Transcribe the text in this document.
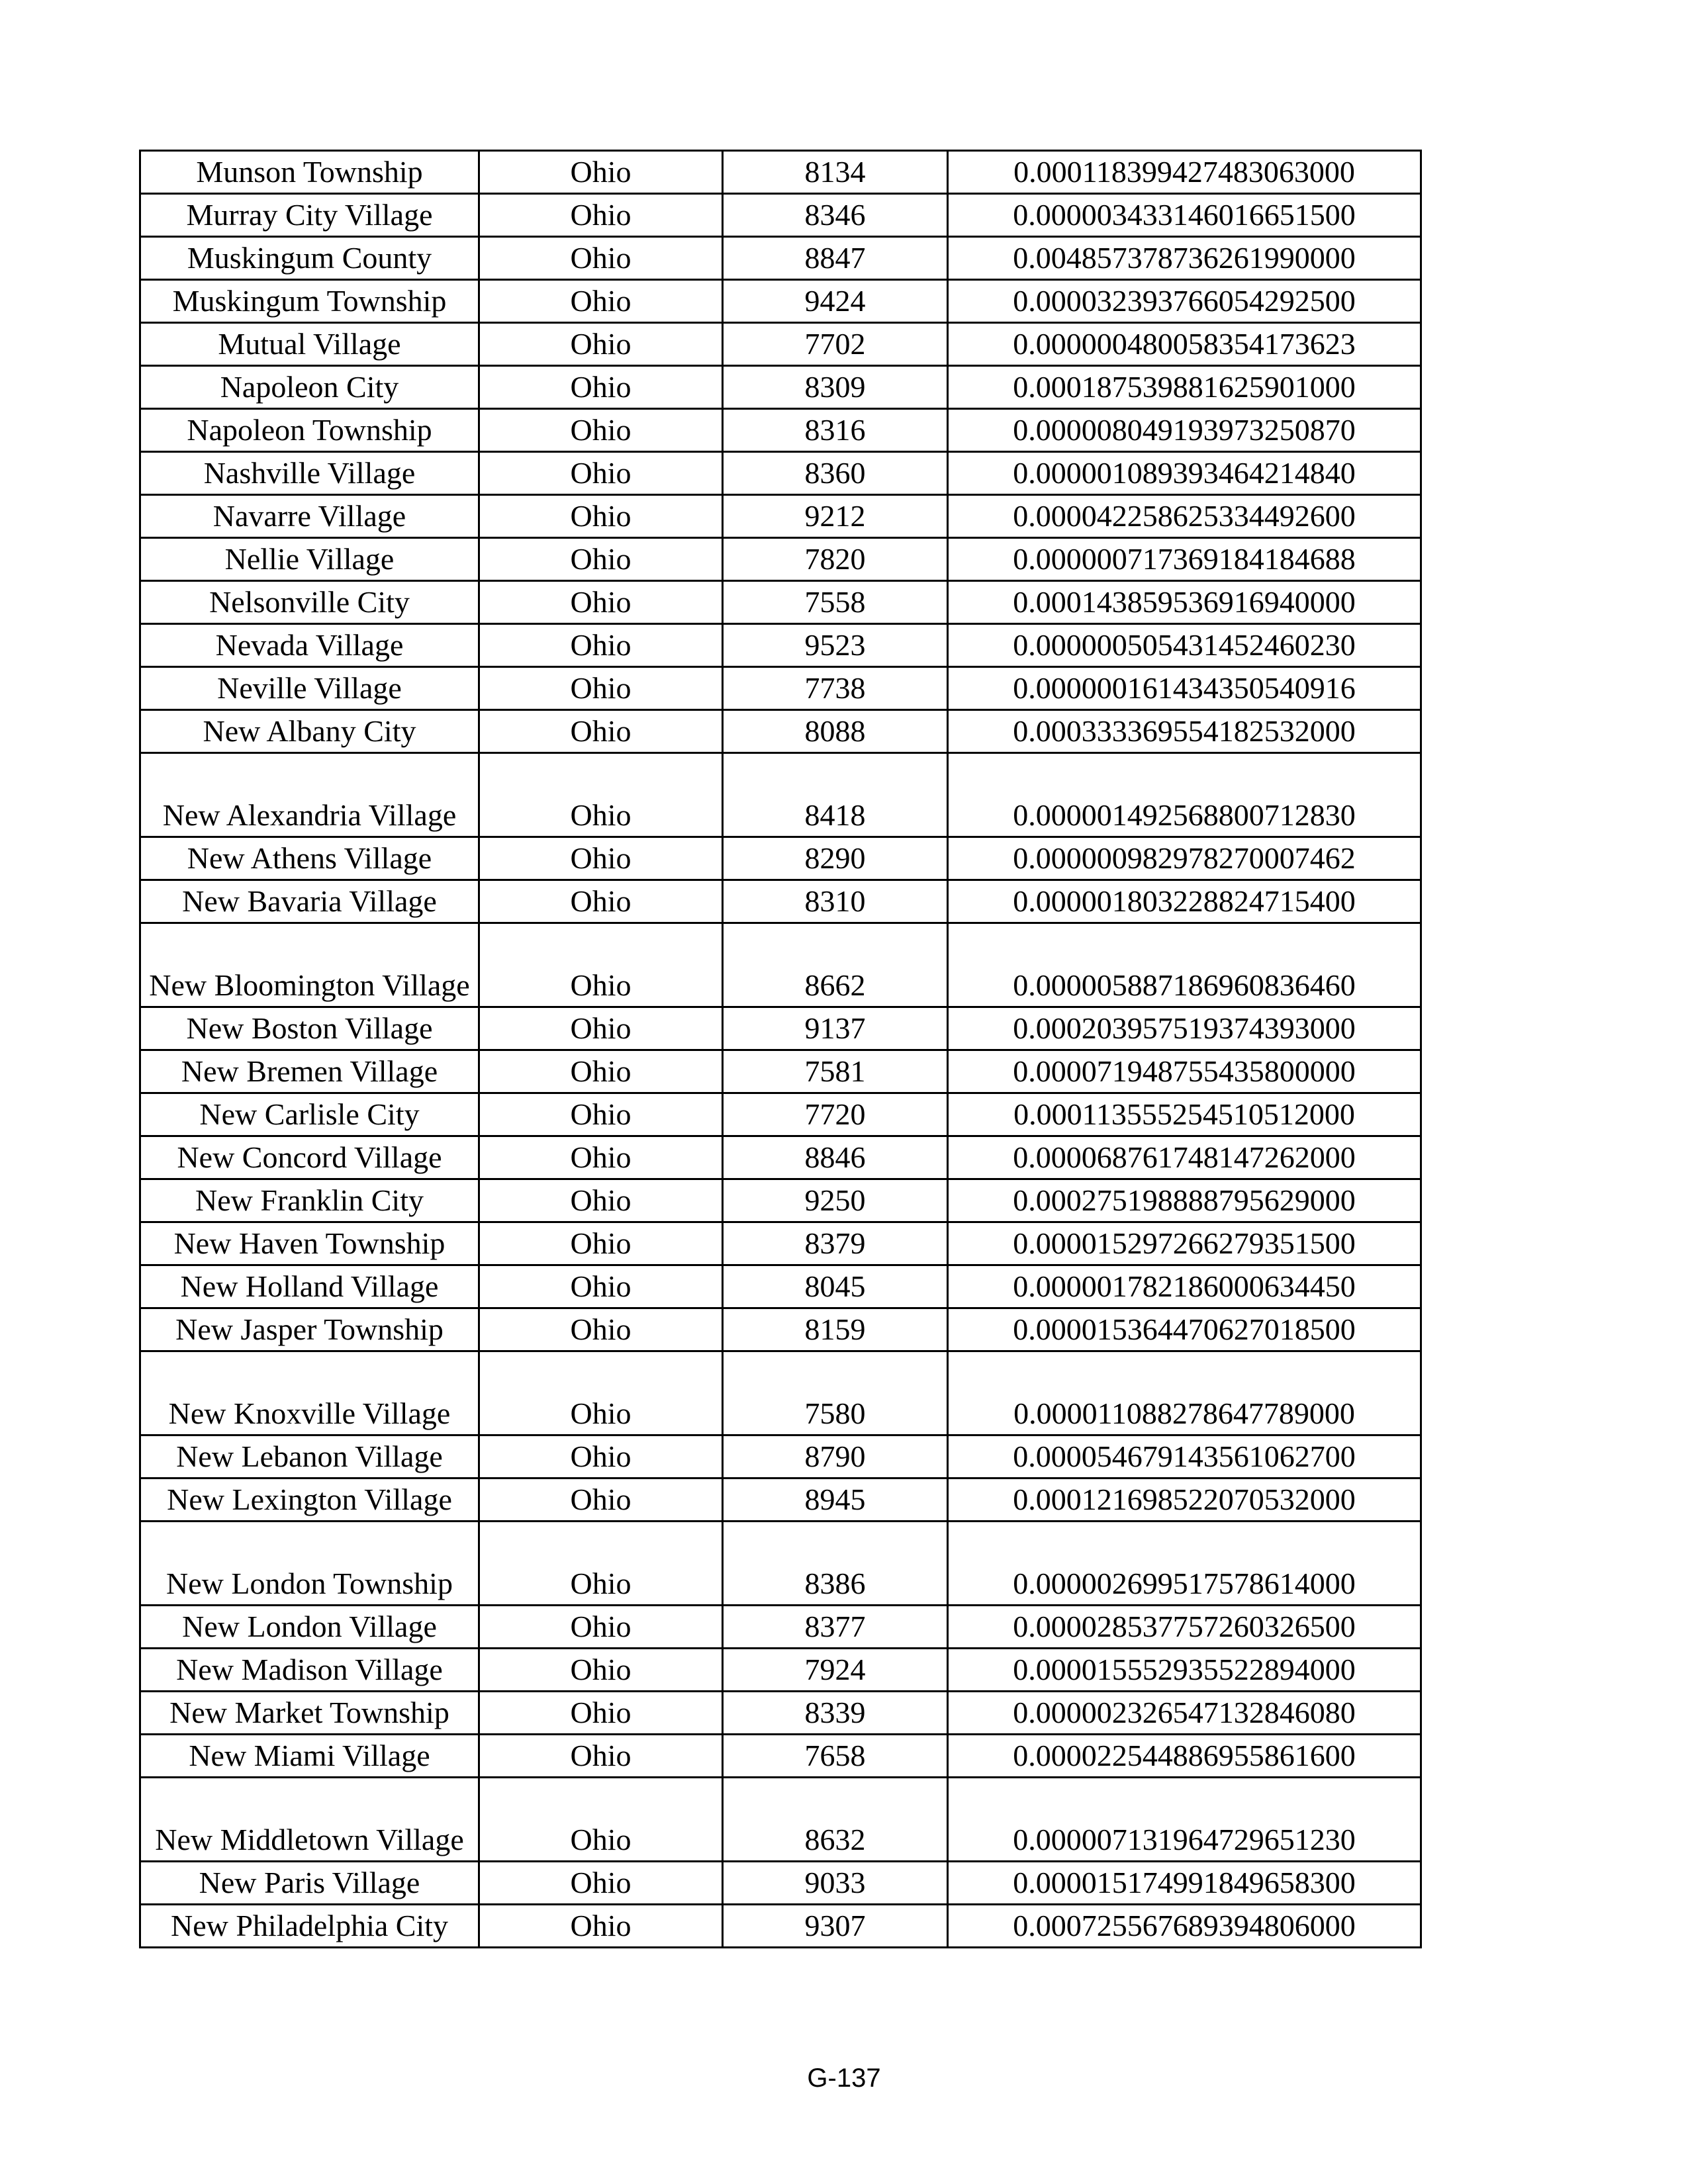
Munson Township	Ohio	8134	0.000118399427483063000
Murray City Village	Ohio	8346	0.000003433146016651500
Muskingum County	Ohio	8847	0.004857378736261990000
Muskingum Township	Ohio	9424	0.000032393766054292500
Mutual Village	Ohio	7702	0.000000480058354173623
Napoleon City	Ohio	8309	0.000187539881625901000
Napoleon Township	Ohio	8316	0.000008049193973250870
Nashville Village	Ohio	8360	0.000001089393464214840
Navarre Village	Ohio	9212	0.000042258625334492600
Nellie Village	Ohio	7820	0.000000717369184184688
Nelsonville City	Ohio	7558	0.000143859536916940000
Nevada Village	Ohio	9523	0.000000505431452460230
Neville Village	Ohio	7738	0.000000161434350540916
New Albany City	Ohio	8088	0.000333369554182532000
New Alexandria Village	Ohio	8418	0.000001492568800712830
New Athens Village	Ohio	8290	0.000000982978270007462
New Bavaria Village	Ohio	8310	0.000001803228824715400
New Bloomington Village	Ohio	8662	0.000005887186960836460
New Boston Village	Ohio	9137	0.000203957519374393000
New Bremen Village	Ohio	7581	0.000071948755435800000
New Carlisle City	Ohio	7720	0.000113555254510512000
New Concord Village	Ohio	8846	0.000068761748147262000
New Franklin City	Ohio	9250	0.000275198888795629000
New Haven Township	Ohio	8379	0.000015297266279351500
New Holland Village	Ohio	8045	0.000001782186000634450
New Jasper Township	Ohio	8159	0.000015364470627018500
New Knoxville Village	Ohio	7580	0.000011088278647789000
New Lebanon Village	Ohio	8790	0.000054679143561062700
New Lexington Village	Ohio	8945	0.000121698522070532000
New London Township	Ohio	8386	0.000002699517578614000
New London Village	Ohio	8377	0.000028537757260326500
New Madison Village	Ohio	7924	0.000015552935522894000
New Market Township	Ohio	8339	0.000002326547132846080
New Miami Village	Ohio	7658	0.000022544886955861600
New Middletown Village	Ohio	8632	0.000007131964729651230
New Paris Village	Ohio	9033	0.000015174991849658300
New Philadelphia City	Ohio	9307	0.000725567689394806000
G-137
